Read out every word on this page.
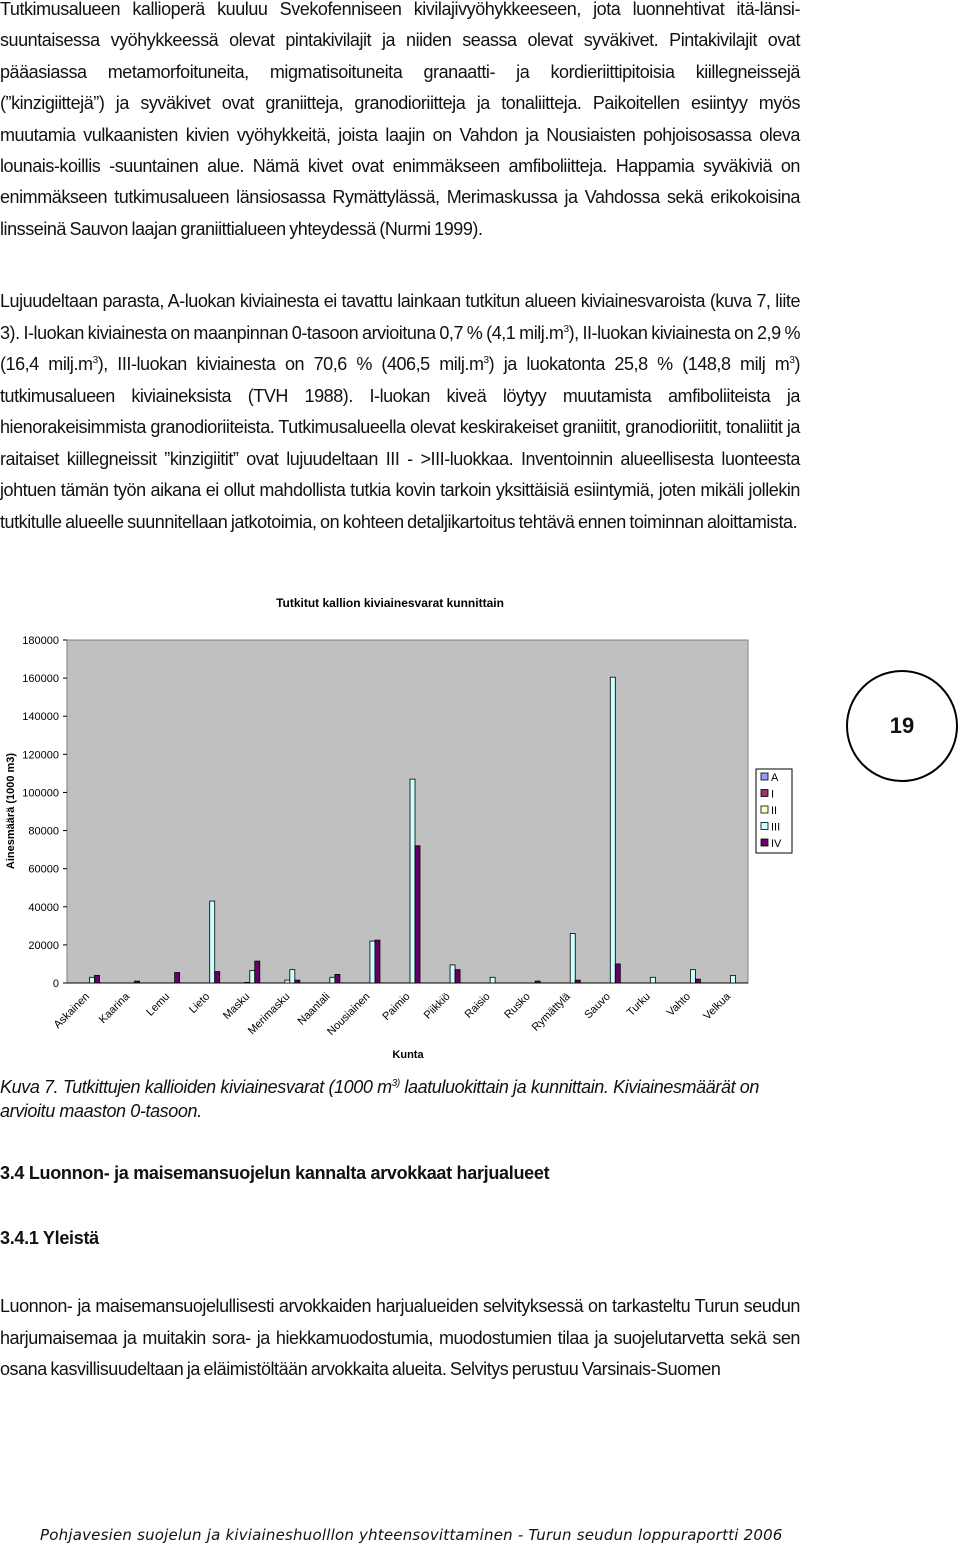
Tutkimusalueen kallioperä kuuluu Svekofenniseen kivilajivyöhykkeeseen, jota luonnehtivat itä-länsi-suuntaisessa vyöhykkeessä olevat pintakivilajit ja niiden seassa olevat syväkivet. Pintakivilajit ovat pääasiassa metamorfoituneita, migmatisoituneita granaatti- ja kordieriittipitoisia kiillegneissejä (”kinzigiittejä”) ja syväkivet ovat graniitteja, granodioriitteja ja tonaliitteja. Paikoitellen esiintyy myös muutamia vulkaanisten kivien vyöhykkeitä, joista laajin on Vahdon ja Nousiaisten pohjoisosassa oleva lounais-koillis -suuntainen alue. Nämä kivet ovat enimmäkseen amfiboliitteja. Happamia syväkiviä on enimmäkseen tutkimusalueen länsiosassa Rymättylässä, Merimaskussa ja Vahdossa sekä erikokoisina linsseinä Sauvon laajan graniittialueen yhteydessä (Nurmi 1999).

Lujuudeltaan parasta, A-luokan kiviainesta ei tavattu lainkaan tutkitun alueen kiviainesvaroista (kuva 7, liite 3). I-luokan kiviainesta on maanpinnan 0-tasoon arvioituna 0,7 % (4,1 $milj.m^3$), II-luokan kiviainesta on 2,9 % (16,4 $milj.m^3$), III-luokan kiviainesta on 70,6 % (406,5 $milj.m^3$) ja luokatonta 25,8 % (148,8 milj $m^3$) tutkimusalueen kiviaineksista (TVH 1988). I-luokan kiveä löytyy muutamista amfiboliiteista ja hienorakeisimmista granodioriiteista. Tutkimusalueella olevat keskirakeiset graniitit, granodioriitit, tonaliitit ja raitaiset kiillegneissit ”kinzigiitit” ovat lujuudeltaan III - >III-luokkaa. Inventoinnin alueellisesta luonteesta johtuen tämän työn aikana ei ollut mahdollista tutkia kovin tarkoin yksittäisiä esiintymiä, joten mikäli jollekin tutkitulle alueelle suunnitellaan jatkotoimia, on kohteen detaljikartoitus tehtävä ennen toiminnan aloittamista.

0
20000
40000
60000
80000
100000
120000
140000
160000
180000
Askainen Kaarina Lemu Lieto Masku
Merimasku Naantali
Nousiainen Paimio Piikkiö Raisio Rusko
Rymättylä Sauvo Turku Vahto Velkua
Tutkitut kallion kiviainesvarat kunnittain
Kunta
Ainesmäärä (1000 m3)	A
I
II
III
IV
19

Kuva 7. Tutkittujen kallioiden kiviainesvarat (1000 $m^{3)}$ laatuluokittain ja kunnittain. Kiviainesmäärät on arvioitu maaston 0-tasoon.

3.4 Luonnon- ja maisemansuojelun kannalta arvokkaat harjualueet
3.4.1 Yleistä

Luonnon- ja maisemansuojelullisesti arvokkaiden harjualueiden selvityksessä on tarkasteltu Turun seudun harjumaisemaa ja muitakin sora- ja hiekkamuodostumia, muodostumien tilaa ja suojelutarvetta sekä sen osana kasvillisuudeltaan ja eläimistöltään arvokkaita alueita. Selvitys perustuu Varsinais-Suomen

Pohjavesien suojelun ja kiviaineshuolllon yhteensovittaminen - Turun seudun loppuraportti 2006
